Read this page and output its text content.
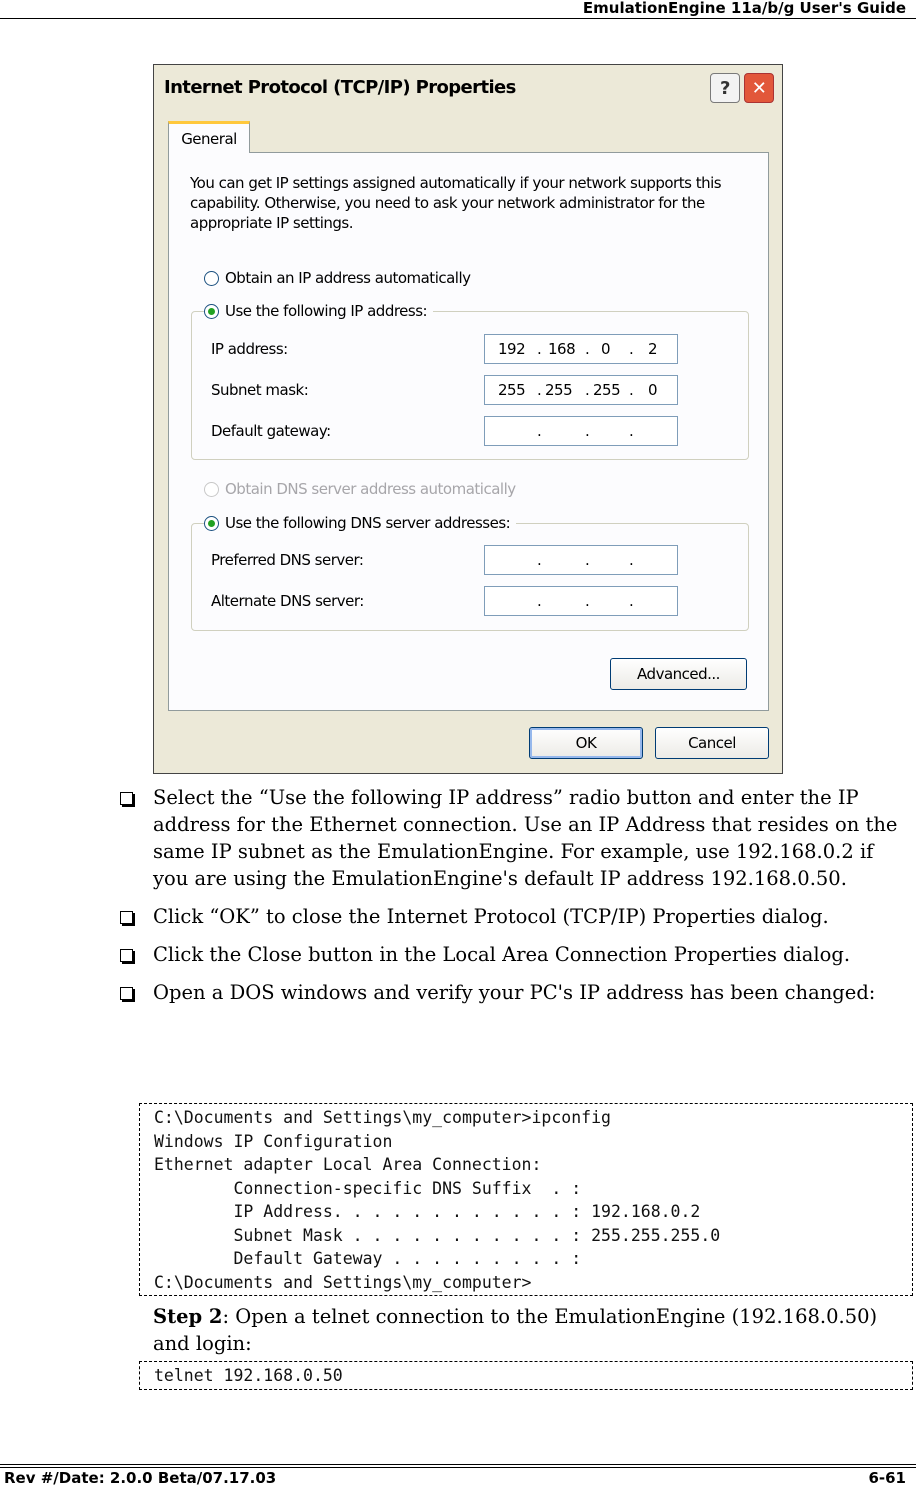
EmulationEngine 11a/b/g User's Guide
Internet Protocol (TCP/IP) Properties	?	✕
General
You can get IP settings assigned automatically if your network supports this capability. Otherwise, you need to ask your network administrator for the appropriate IP settings.
Obtain an IP address automatically
Use the following IP address:
IP address:	192 . 168 . 0 . 2
Subnet mask:	255 . 255 . 255 . 0
Default gateway:	.	.	.
Obtain DNS server address automatically
Use the following DNS server addresses:
Preferred DNS server:	.	.	.
Alternate DNS server:	.	.	.
Advanced...
OK	Cancel
Select the “Use the following IP address” radio button and enter the IP address for the Ethernet connection. Use an IP Address that resides on the same IP subnet as the EmulationEngine. For example, use 192.168.0.2 if you are using the EmulationEngine's default IP address 192.168.0.50.
Click “OK” to close the Internet Protocol (TCP/IP) Properties dialog.
Click the Close button in the Local Area Connection Properties dialog.
Open a DOS windows and verify your PC's IP address has been changed:
C:\Documents and Settings\my_computer>ipconfig
Windows IP Configuration
Ethernet adapter Local Area Connection:
Connection-specific DNS Suffix  . :
IP Address. . . . . . . . . . . . : 192.168.0.2
Subnet Mask . . . . . . . . . . . : 255.255.255.0
Default Gateway . . . . . . . . . :
C:\Documents and Settings\my_computer>
Step 2: Open a telnet connection to the EmulationEngine (192.168.0.50) and login:
telnet 192.168.0.50
Rev #/Date: 2.0.0 Beta/07.17.03	6-61
